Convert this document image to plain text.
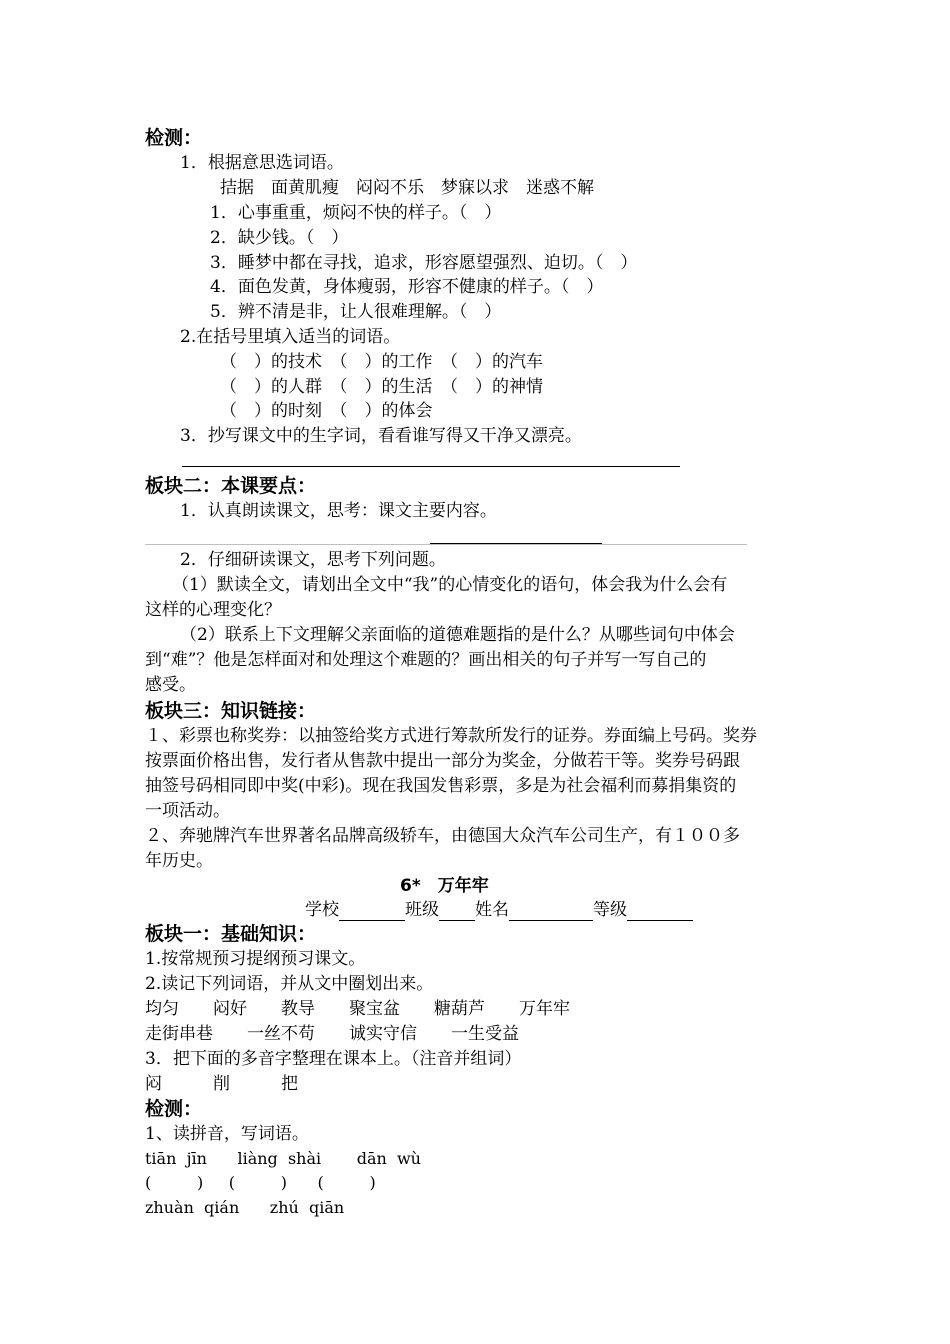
检测：
1．根据意思选词语。
拮据　面黄肌瘦　闷闷不乐　梦寐以求　迷惑不解
1．心事重重，烦闷不快的样子。（　）
2．缺少钱。（　）
3．睡梦中都在寻找，追求，形容愿望强烈、迫切。（　）
4．面色发黄，身体瘦弱，形容不健康的样子。（　）
5．辨不清是非，让人很难理解。（　）
2.在括号里填入适当的词语。
（　）的技术　（　）的工作　（　）的汽车
（　）的人群　（　）的生活　（　）的神情
（　）的时刻　（　）的体会
3．抄写课文中的生字词，看看谁写得又干净又漂亮。
板块二：本课要点：
1．认真朗读课文，思考：课文主要内容。
2．仔细研读课文，思考下列问题。
（1）默读全文，请划出全文中“我”的心情变化的语句，体会我为什么会有
这样的心理变化？
（2）联系上下文理解父亲面临的道德难题指的是什么？从哪些词句中体会
到“难”？他是怎样面对和处理这个难题的？画出相关的句子并写一写自己的
感受。
板块三：知识链接：
１、彩票也称奖券：以抽签给奖方式进行筹款所发行的证券。券面编上号码。奖券
按票面价格出售，发行者从售款中提出一部分为奖金，分做若干等。奖券号码跟
抽签号码相同即中奖(中彩)。现在我国发售彩票，多是为社会福利而募捐集资的
一项活动。
２、奔驰牌汽车世界著名品牌高级轿车，由德国大众汽车公司生产，有１００多
年历史。
6*　万年牢
学校	班级 姓名	等级
板块一：基础知识：
1.按常规预习提纲预习课文。
2.读记下列词语，并从文中圈划出来。
均匀　　闷好　　教导　　聚宝盆　　糖葫芦　　万年牢
走街串巷　　一丝不苟　　诚实守信　　一生受益
3．把下面的多音字整理在课本上。（注音并组词）
闷　　　削　　　把
检测：
1、读拼音，写词语。
tiān  jīn      liàng  shài       dān  wù
(         )     (         )      (         )
zhuàn  qián      zhú  qiān
